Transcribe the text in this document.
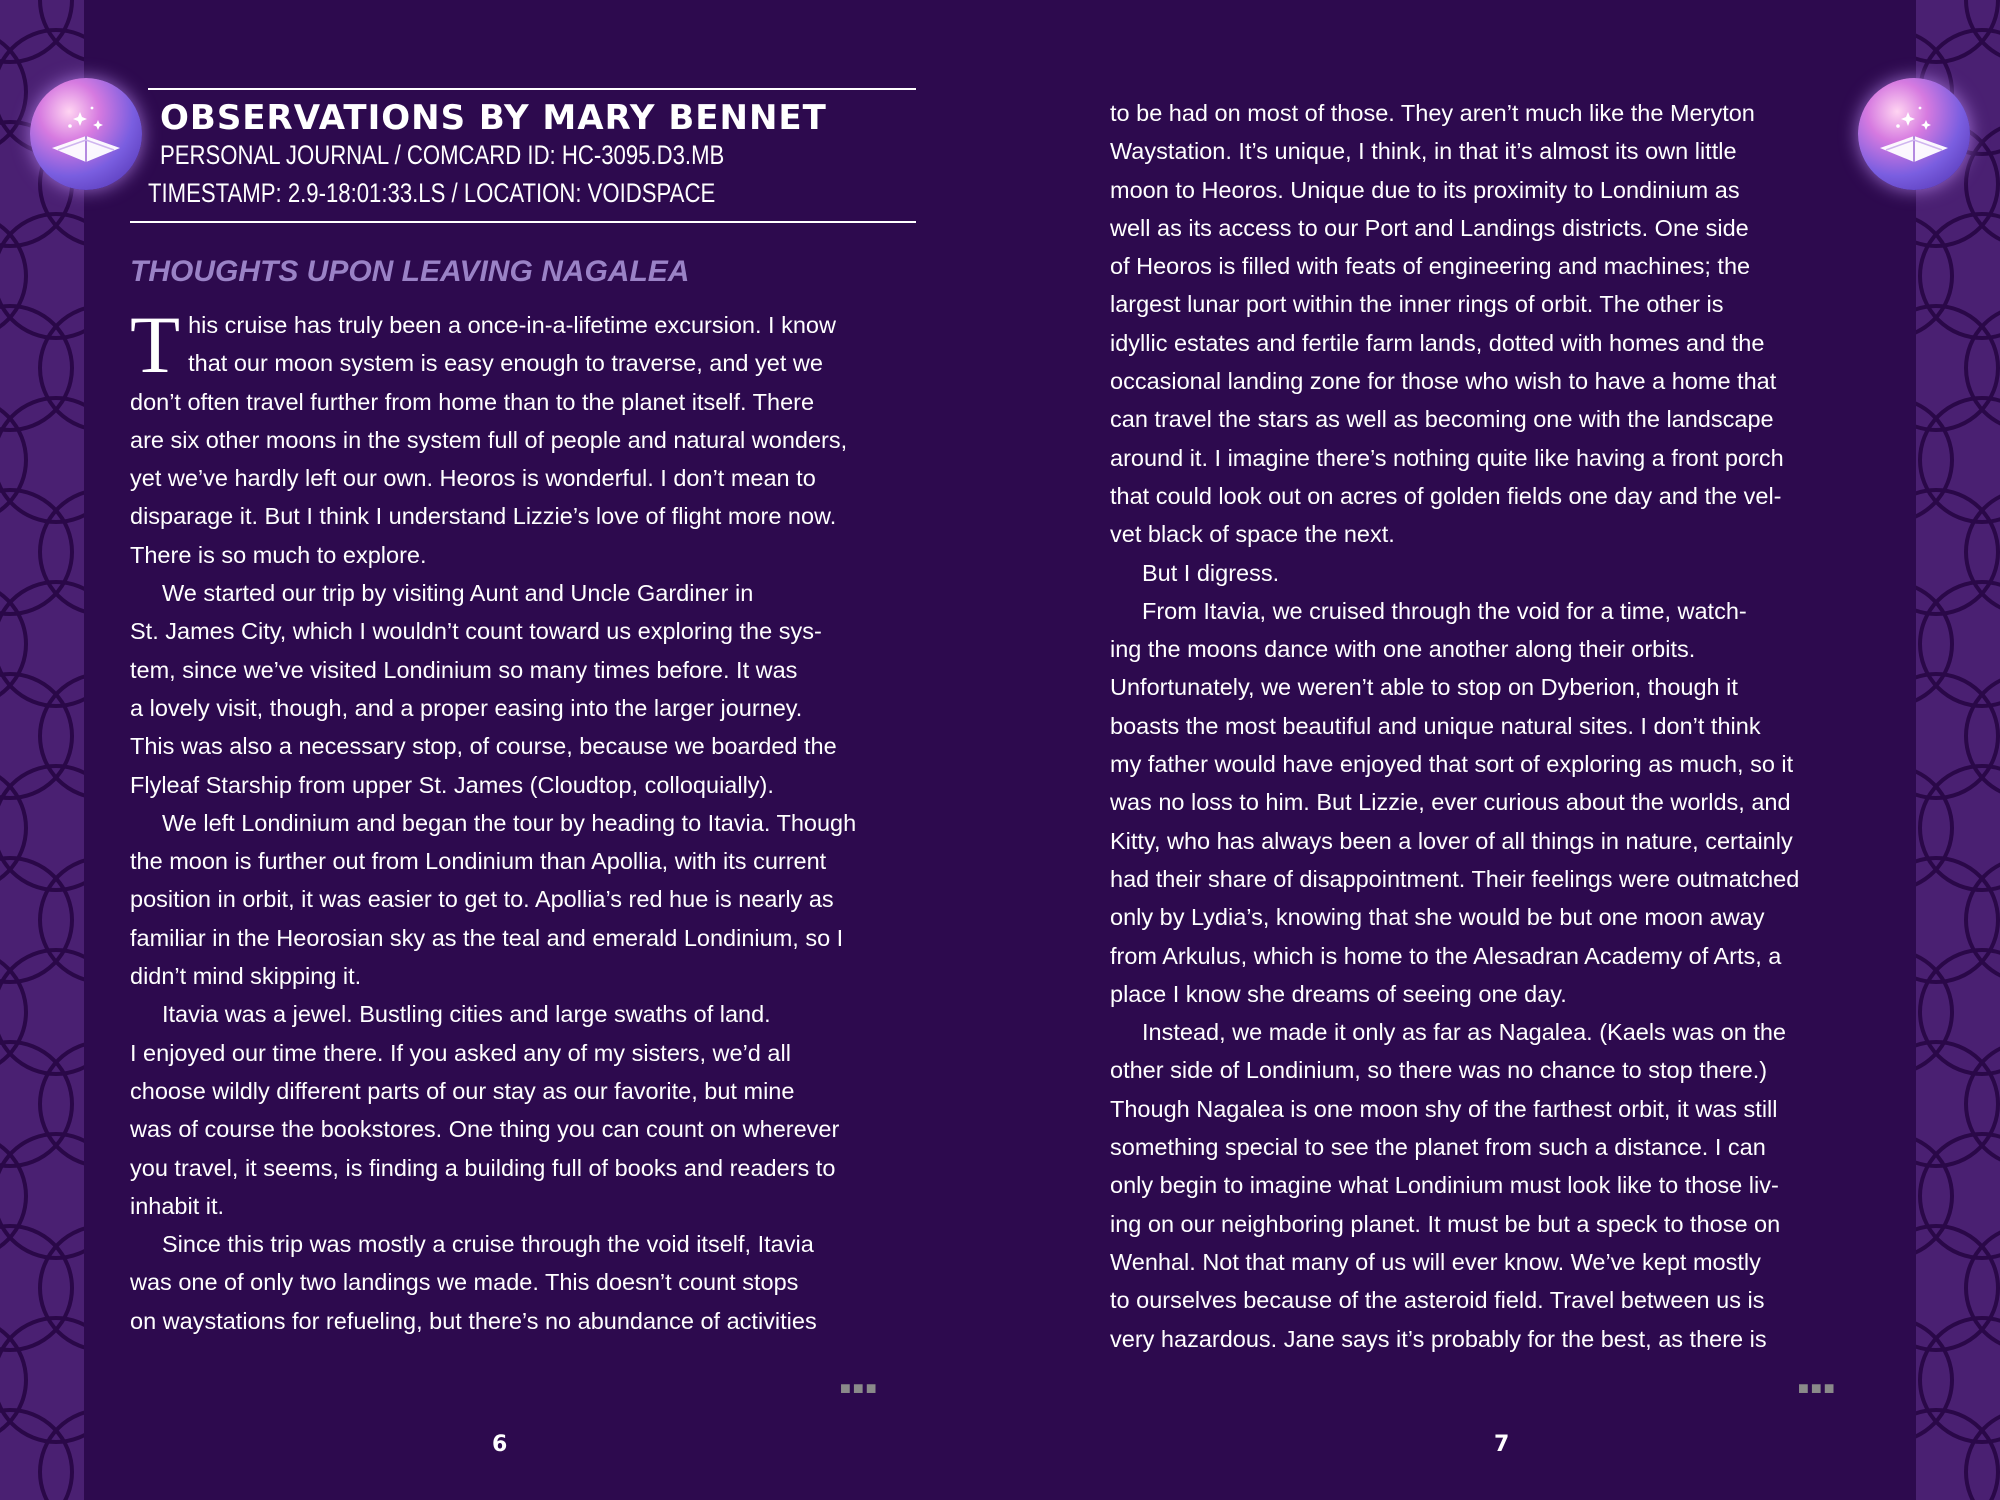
OBSERVATIONS BY MARY BENNET
PERSONAL JOURNAL / COMCARD ID: HC-3095.D3.MB
TIMESTAMP: 2.9-18:01:33.LS / LOCATION: VOIDSPACE
THOUGHTS UPON LEAVING NAGALEA

This cruise has truly been a once-in-a-lifetime excursion. I know
that our moon system is easy enough to traverse, and yet we
don’t often travel further from home than to the planet itself. There
are six other moons in the system full of people and natural wonders,
yet we’ve hardly left our own. Heoros is wonderful. I don’t mean to
disparage it. But I think I understand Lizzie’s love of flight more now.
There is so much to explore.

We started our trip by visiting Aunt and Uncle Gardiner in
St. James City, which I wouldn’t count toward us exploring the sys-
tem, since we’ve visited Londinium so many times before. It was
a lovely visit, though, and a proper easing into the larger journey.
This was also a necessary stop, of course, because we boarded the
Flyleaf Starship from upper St. James (Cloudtop, colloquially).

We left Londinium and began the tour by heading to Itavia. Though
the moon is further out from Londinium than Apollia, with its current
position in orbit, it was easier to get to. Apollia’s red hue is nearly as
familiar in the Heorosian sky as the teal and emerald Londinium, so I
didn’t mind skipping it.

Itavia was a jewel. Bustling cities and large swaths of land.
I enjoyed our time there. If you asked any of my sisters, we’d all
choose wildly different parts of our stay as our favorite, but mine
was of course the bookstores. One thing you can count on wherever
you travel, it seems, is finding a building full of books and readers to
inhabit it.

Since this trip was mostly a cruise through the void itself, Itavia
was one of only two landings we made. This doesn’t count stops
on waystations for refueling, but there’s no abundance of activities

■■■
6

to be had on most of those. They aren’t much like the Meryton
Waystation. It’s unique, I think, in that it’s almost its own little
moon to Heoros. Unique due to its proximity to Londinium as
well as its access to our Port and Landings districts. One side
of Heoros is filled with feats of engineering and machines; the
largest lunar port within the inner rings of orbit. The other is
idyllic estates and fertile farm lands, dotted with homes and the
occasional landing zone for those who wish to have a home that
can travel the stars as well as becoming one with the landscape
around it. I imagine there’s nothing quite like having a front porch
that could look out on acres of golden fields one day and the vel-
vet black of space the next.

But I digress.

From Itavia, we cruised through the void for a time, watch-
ing the moons dance with one another along their orbits.
Unfortunately, we weren’t able to stop on Dyberion, though it
boasts the most beautiful and unique natural sites. I don’t think
my father would have enjoyed that sort of exploring as much, so it
was no loss to him. But Lizzie, ever curious about the worlds, and
Kitty, who has always been a lover of all things in nature, certainly
had their share of disappointment. Their feelings were outmatched
only by Lydia’s, knowing that she would be but one moon away
from Arkulus, which is home to the Alesadran Academy of Arts, a
place I know she dreams of seeing one day.

Instead, we made it only as far as Nagalea. (Kaels was on the
other side of Londinium, so there was no chance to stop there.)
Though Nagalea is one moon shy of the farthest orbit, it was still
something special to see the planet from such a distance. I can
only begin to imagine what Londinium must look like to those liv-
ing on our neighboring planet. It must be but a speck to those on
Wenhal. Not that many of us will ever know. We’ve kept mostly
to ourselves because of the asteroid field. Travel between us is
very hazardous. Jane says it’s probably for the best, as there is

■■■
7
